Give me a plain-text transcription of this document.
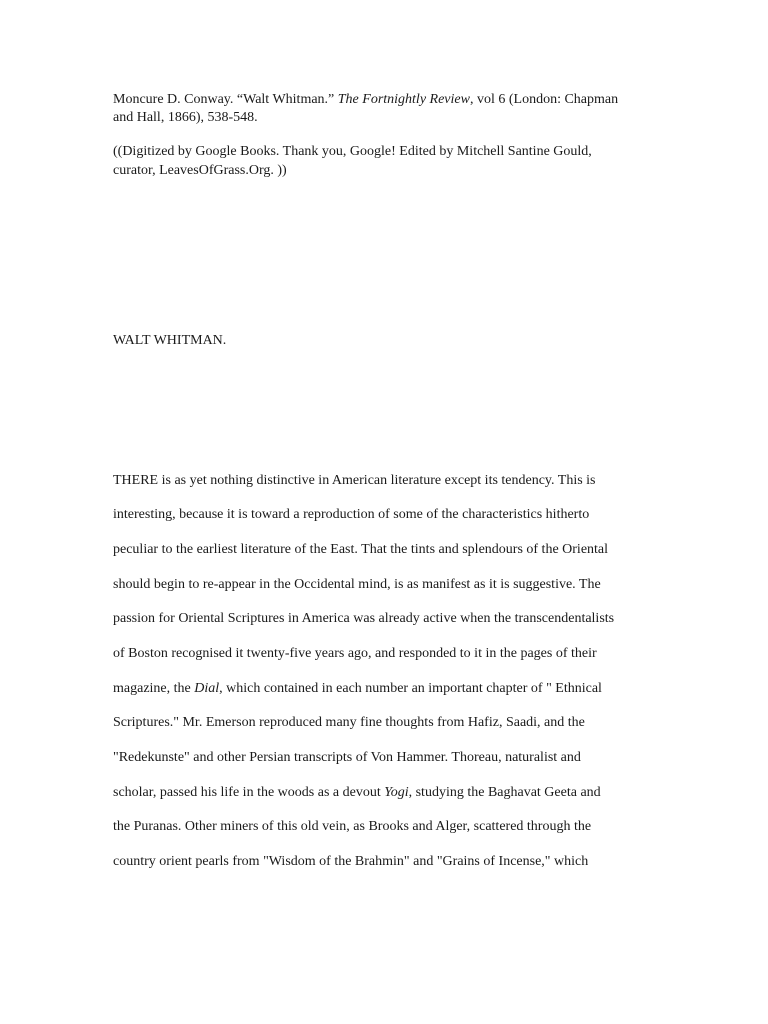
Moncure D. Conway. “Walt Whitman.” The Fortnightly Review, vol 6 (London: Chapman
and Hall, 1866), 538-548.

((Digitized by Google Books. Thank you, Google! Edited by Mitchell Santine Gould,
curator, LeavesOfGrass.Org. ))

WALT WHITMAN.

THERE is as yet nothing distinctive in American literature except its tendency. This is

interesting, because it is toward a reproduction of some of the characteristics hitherto

peculiar to the earliest literature of the East. That the tints and splendours of the Oriental

should begin to re-appear in the Occidental mind, is as manifest as it is suggestive. The

passion for Oriental Scriptures in America was already active when the transcendentalists

of Boston recognised it twenty-five years ago, and responded to it in the pages of their

magazine, the Dial, which contained in each number an important chapter of " Ethnical

Scriptures." Mr. Emerson reproduced many fine thoughts from Hafiz, Saadi, and the

"Redekunste" and other Persian transcripts of Von Hammer. Thoreau, naturalist and

scholar, passed his life in the woods as a devout Yogi, studying the Baghavat Geeta and

the Puranas. Other miners of this old vein, as Brooks and Alger, scattered through the

country orient pearls from "Wisdom of the Brahmin" and "Grains of Incense," which
